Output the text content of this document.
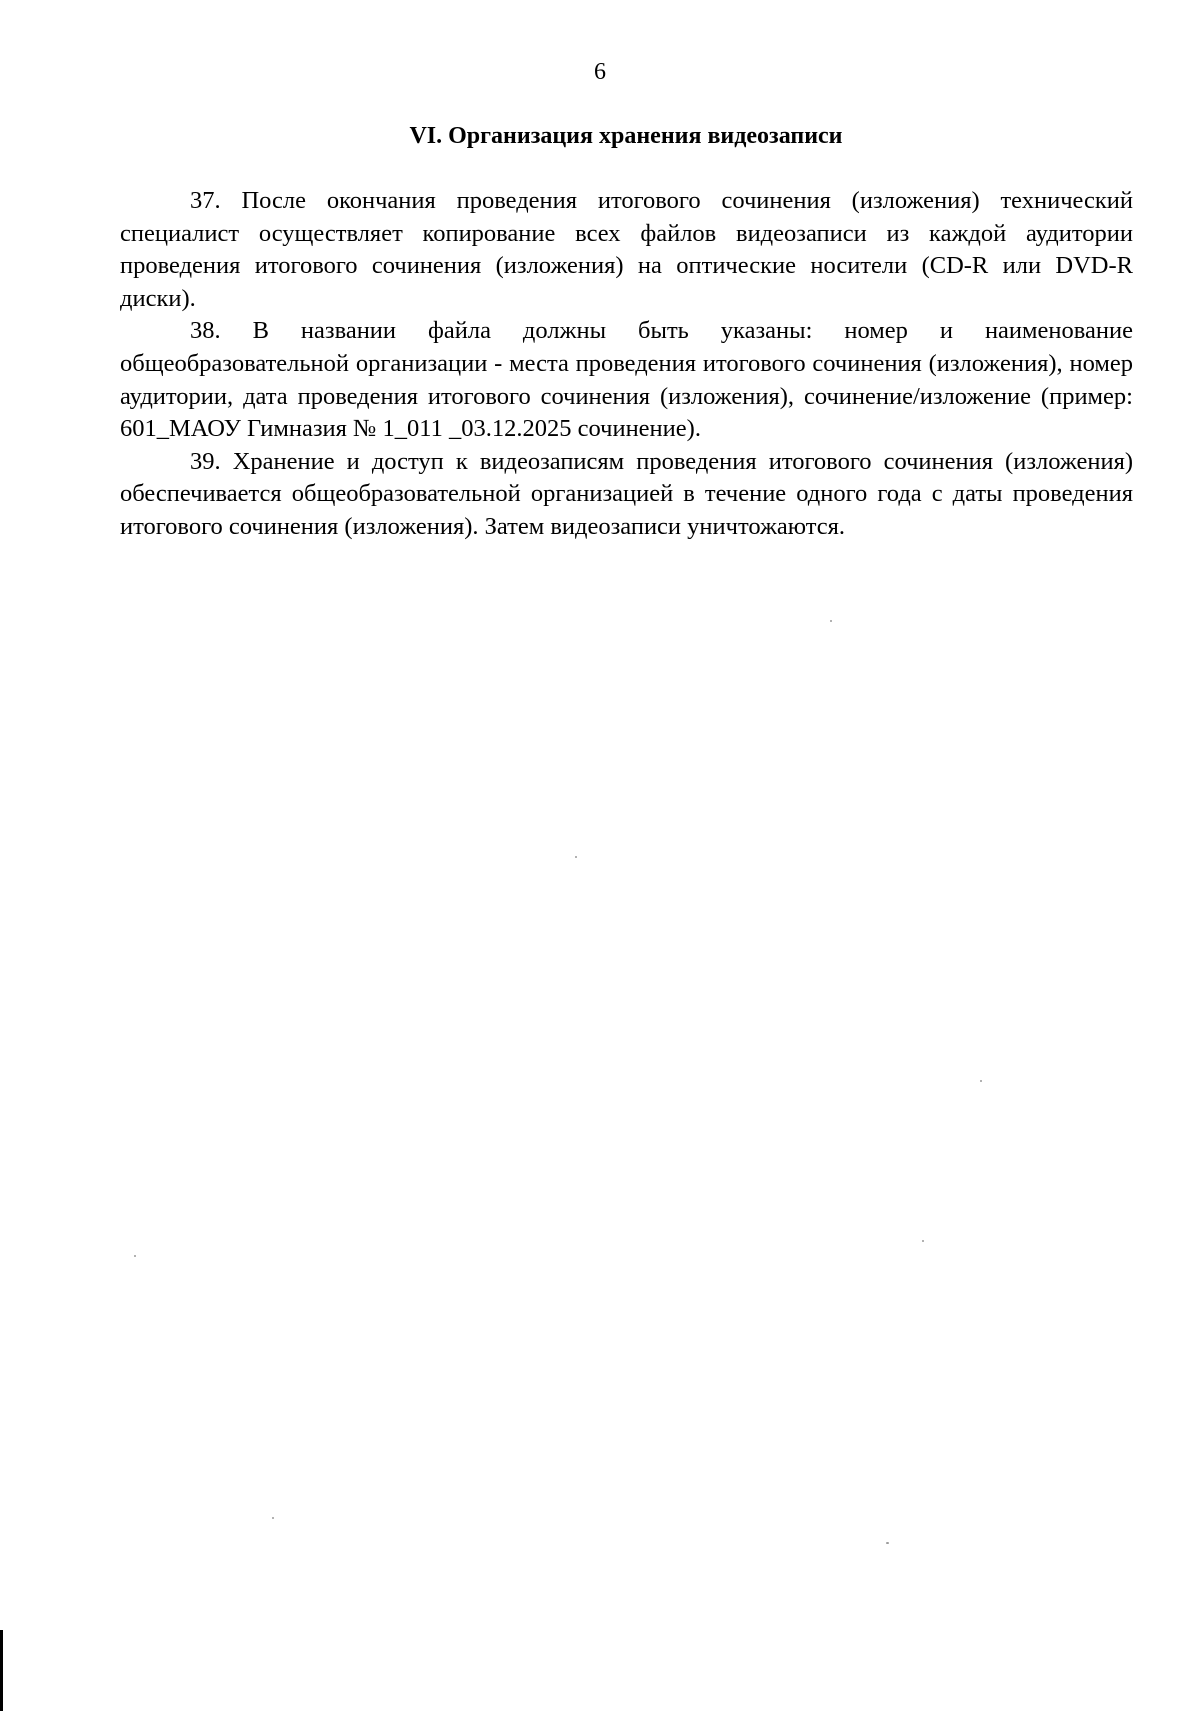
6
VI. Организация хранения видеозаписи

37. После окончания проведения итогового сочинения (изложения) технический специалист осуществляет копирование всех файлов видеозаписи из каждой аудитории проведения итогового сочинения (изложения) на оптические носители (CD-R или DVD-R диски).

38. В названии файла должны быть указаны: номер и наименование общеобразовательной организации - места проведения итогового сочинения (изложения), номер аудитории, дата проведения итогового сочинения (изложения), сочинение/изложение (пример: 601_МАОУ Гимназия № 1_011 _03.12.2025 сочинение).

39. Хранение и доступ к видеозаписям проведения итогового сочинения (изложения) обеспечивается общеобразовательной организацией в течение одного года с даты проведения итогового сочинения (изложения). Затем видеозаписи уничтожаются.
